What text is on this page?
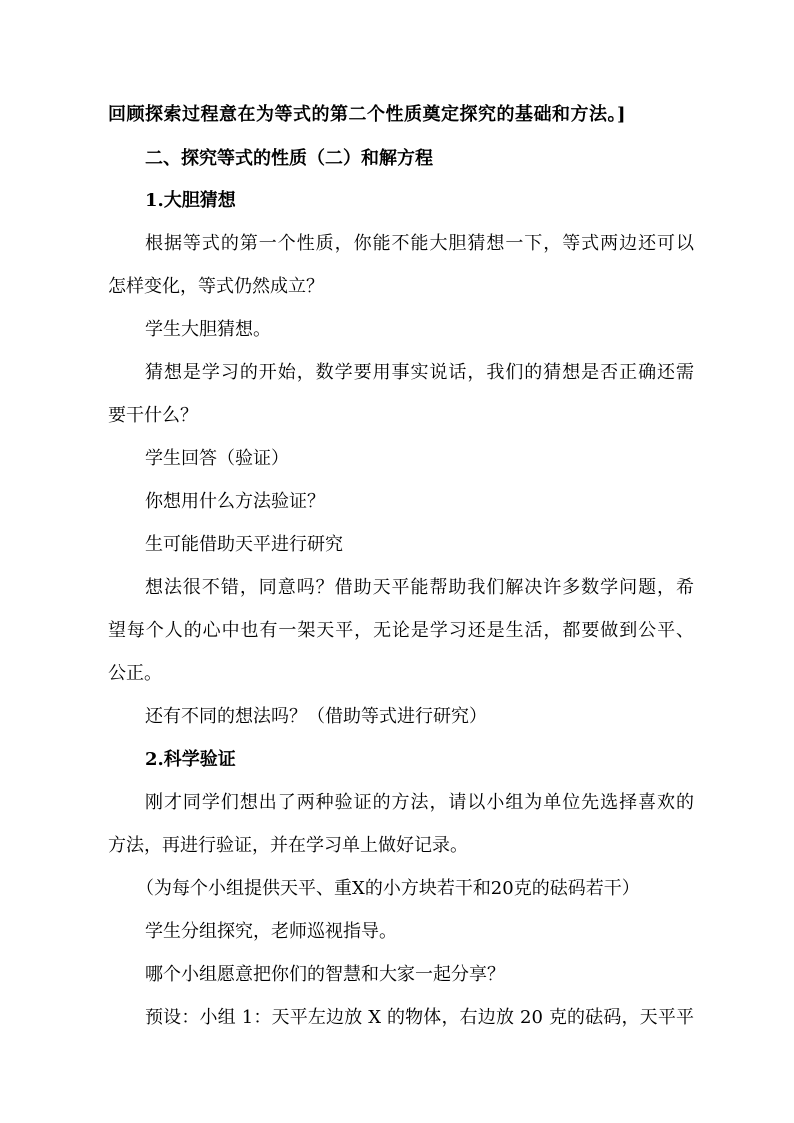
回顾探索过程意在为等式的第二个性质奠定探究的基础和方法。]
二、探究等式的性质（二）和解方程
1.大胆猜想
根据等式的第一个性质，你能不能大胆猜想一下，等式两边还可以
怎样变化，等式仍然成立？
学生大胆猜想。
猜想是学习的开始，数学要用事实说话，我们的猜想是否正确还需
要干什么？
学生回答（验证）
你想用什么方法验证？
生可能借助天平进行研究
想法很不错，同意吗？借助天平能帮助我们解决许多数学问题，希
望每个人的心中也有一架天平，无论是学习还是生活，都要做到公平、
公正。
还有不同的想法吗？（借助等式进行研究）
2.科学验证
刚才同学们想出了两种验证的方法，请以小组为单位先选择喜欢的
方法，再进行验证，并在学习单上做好记录。
（为每个小组提供天平、重X的小方块若干和20克的砝码若干）
学生分组探究，老师巡视指导。
哪个小组愿意把你们的智慧和大家一起分享？
预设：小组 1：天平左边放 X 的物体，右边放 20 克的砝码，天平平
